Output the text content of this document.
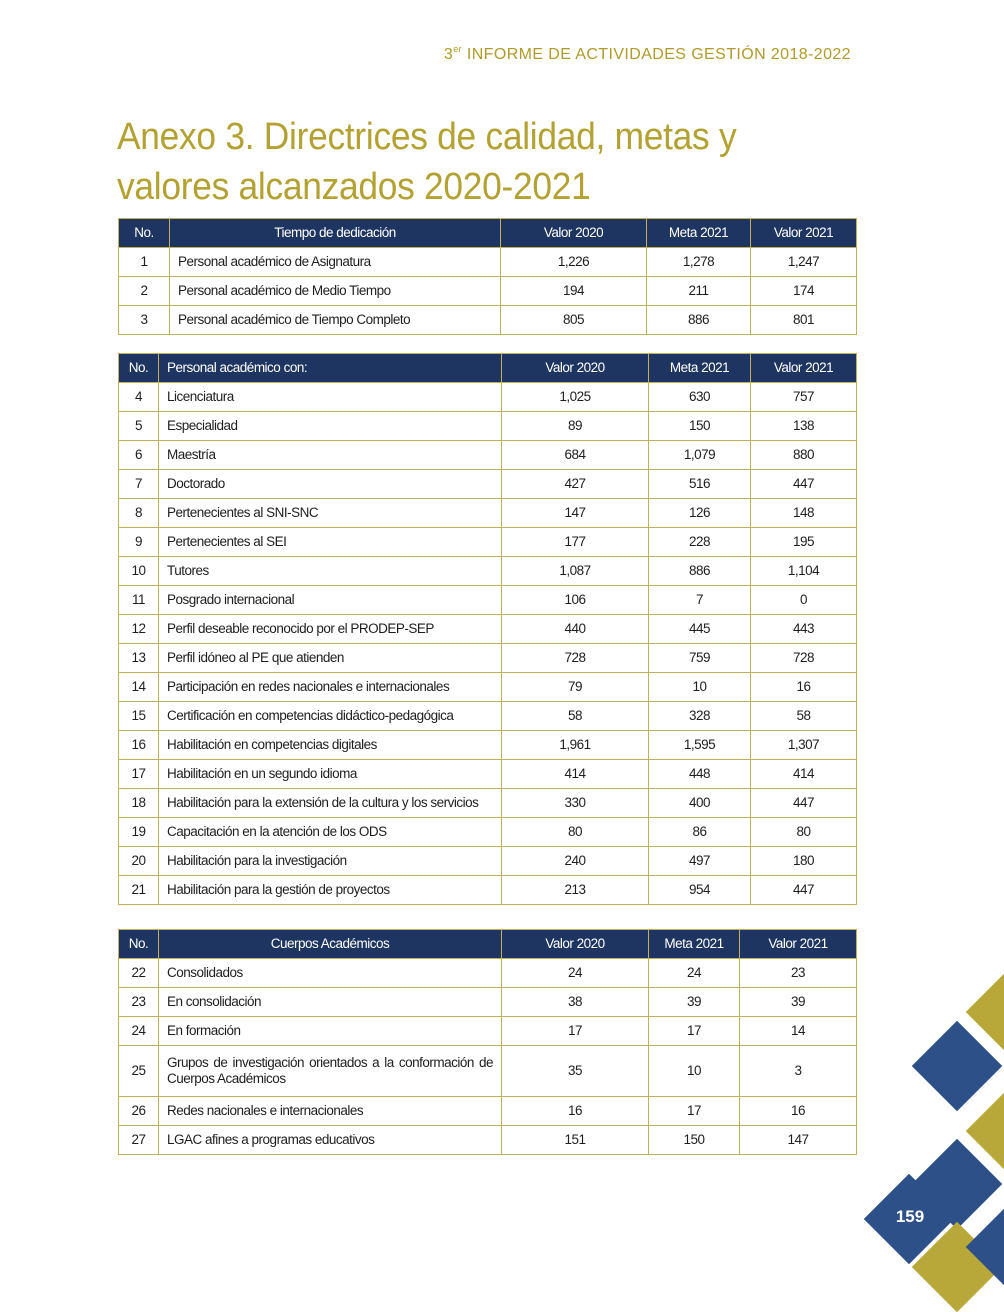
3er INFORME DE ACTIVIDADES GESTIÓN 2018-2022
Anexo 3. Directrices de calidad, metas y valores alcanzados 2020-2021
No.	Tiempo de dedicación	Valor 2020	Meta 2021	Valor 2021
1	Personal académico de Asignatura	1,226	1,278	1,247
2	Personal académico de Medio Tiempo	194	211	174
3	Personal académico de Tiempo Completo	805	886	801
No.	Personal académico con:	Valor 2020	Meta 2021	Valor 2021
4	Licenciatura	1,025	630	757
5	Especialidad	89	150	138
6	Maestría	684	1,079	880
7	Doctorado	427	516	447
8	Pertenecientes al SNI-SNC	147	126	148
9	Pertenecientes al SEI	177	228	195
10	Tutores	1,087	886	1,104
11	Posgrado internacional	106	7	0
12	Perfil deseable reconocido por el PRODEP-SEP	440	445	443
13	Perfil idóneo al PE que atienden	728	759	728
14	Participación en redes nacionales e internacionales	79	10	16
15	Certificación en competencias didáctico-pedagógica	58	328	58
16	Habilitación en competencias digitales	1,961	1,595	1,307
17	Habilitación en un segundo idioma	414	448	414
18	Habilitación para la extensión de la cultura y los servicios	330	400	447
19	Capacitación en la atención de los ODS	80	86	80
20	Habilitación para la investigación	240	497	180
21	Habilitación para la gestión de proyectos	213	954	447
No.	Cuerpos Académicos	Valor 2020	Meta 2021	Valor 2021
22	Consolidados	24	24	23
23	En consolidación	38	39	39
24	En formación	17	17	14
25	Grupos de investigación orientados a la conformación de Cuerpos Académicos	35	10	3
26	Redes nacionales e internacionales	16	17	16
27	LGAC afines a programas educativos	151	150	147
159
